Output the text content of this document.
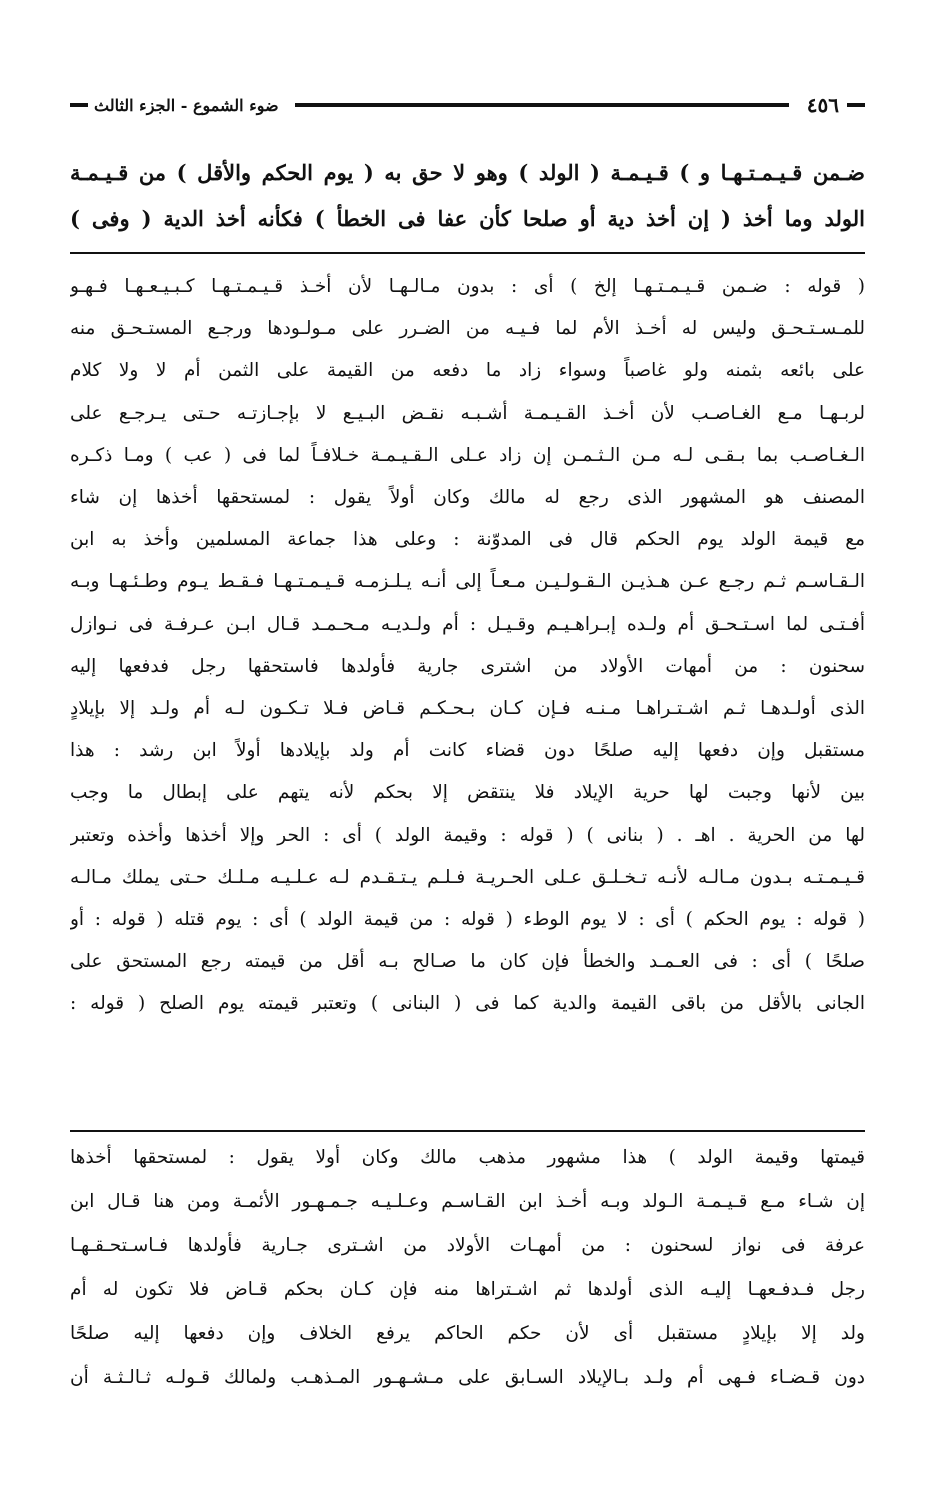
٤٥٦
ضوء الشموع - الجزء الثالث

ضـمن قـيـمـتـهـا و ) قـيـمـة ( الولد ) وهو لا حق به ( يوم الحكم والأقل ) من قـيـمـة

الولد وما أخذ ( إن أخذ دية أو صلحا كأن عفا فى الخطأ ) فكأنه أخذ الدية ( وفى )

( قوله : ضـمن قـيـمـتـهـا إلخ ) أى : بدون مـالـهـا لأن أخـذ قـيـمـتـهـا كـبـيـعـهـا فـهـو

للمـسـتـحـق وليس له أخـذ الأم لما فـيـه من الضـرر على مـولـودها ورجـع المستـحـق منه

على بائعه بثمنه ولو غاصباً وسواء زاد ما دفعه من القيمة على الثمن أم لا ولا كلام

لربـهـا مـع الغـاصـب لأن أخـذ القـيـمـة أشـبـه نقـض البـيـع لا بإجـازتـه حـتى يـرجـع على

الـغـاصـب بما بـقـى لـه مـن الـثـمـن إن زاد عـلى الـقـيـمـة خـلافـاً لما فى ( عب ) ومـا ذكـره

المصنف هو المشهور الذى رجع له مالك وكان أولاً يقول : لمستحقها أخذها إن شاء

مع قيمة الولد يوم الحكم قال فى المدوّنة : وعلى هذا جماعة المسلمين وأخذ به ابن

الـقـاسـم ثـم رجـع عـن هـذيـن الـقـولـيـن مـعـاً إلى أنـه يـلـزمـه قـيـمـتـهـا فـقـط يـوم وطـئـهـا وبـه

أفـتـى لما اسـتـحـق أم ولـده إبـراهـيـم وقـيـل : أم ولـديـه مـحـمـد قـال ابـن عـرفـة فى نـوازل

سحنون : من أمهات الأولاد من اشترى جارية فأولدها فاستحقها رجل فدفعها إليه

الذى أولـدهـا ثـم اشـتـراهـا مـنـه فـإن كـان بـحـكـم قـاض فـلا تـكـون لـه أم ولـد إلا بإيلادٍ

مستقبل وإن دفعها إليه صلحًا دون قضاء كانت أم ولد بإيلادها أولاً ابن رشد : هذا

بين لأنها وجبت لها حرية الإيلاد فلا ينتقض إلا بحكم لأنه يتهم على إبطال ما وجب

لها من الحرية . اهـ . ( بنانى ) ( قوله : وقيمة الولد ) أى : الحر وإلا أخذها وأخذه وتعتبر

قـيـمـتـه بـدون مـالـه لأنـه تـخـلـق عـلى الحـريـة فـلـم يـتـقـدم لـه عـلـيـه مـلـك حـتى يملك مـالـه

( قوله : يوم الحكم ) أى : لا يوم الوطء ( قوله : من قيمة الولد ) أى : يوم قتله ( قوله : أو

صلحًا ) أى : فى العـمـد والخطأ فإن كان ما صـالح بـه أقل من قيمته رجع المستحق على

الجانى بالأقل من باقى القيمة والدية كما فى ( البنانى ) وتعتبر قيمته يوم الصلح ( قوله :

قيمتها وقيمة الولد ) هذا مشهور مذهب مالك وكان أولا يقول : لمستحقها أخذها

إن شـاء مـع قـيـمـة الـولد وبـه أخـذ ابن القـاسـم وعـلـيـه جـمـهـور الأئمـة ومن هنا قـال ابن

عرفة فى نواز لسحنون : من أمهـات الأولاد من اشـترى جـارية فأولدها فـاسـتحـقـهـا

رجل فـدفـعهـا إليـه الذى أولدها ثم اشـتراها منه فإن كـان بحكم قـاض فلا تكون له أم

ولد إلا بإيلادٍ مستقبل أى لأن حكم الحاكم يرفع الخلاف وإن دفعها إليه صلحًا

دون قـضـاء فـهى أم ولـد بـالإيلاد السـابق على مـشـهـور المـذهـب ولمالك قـولـه ثـالـثـة أن
